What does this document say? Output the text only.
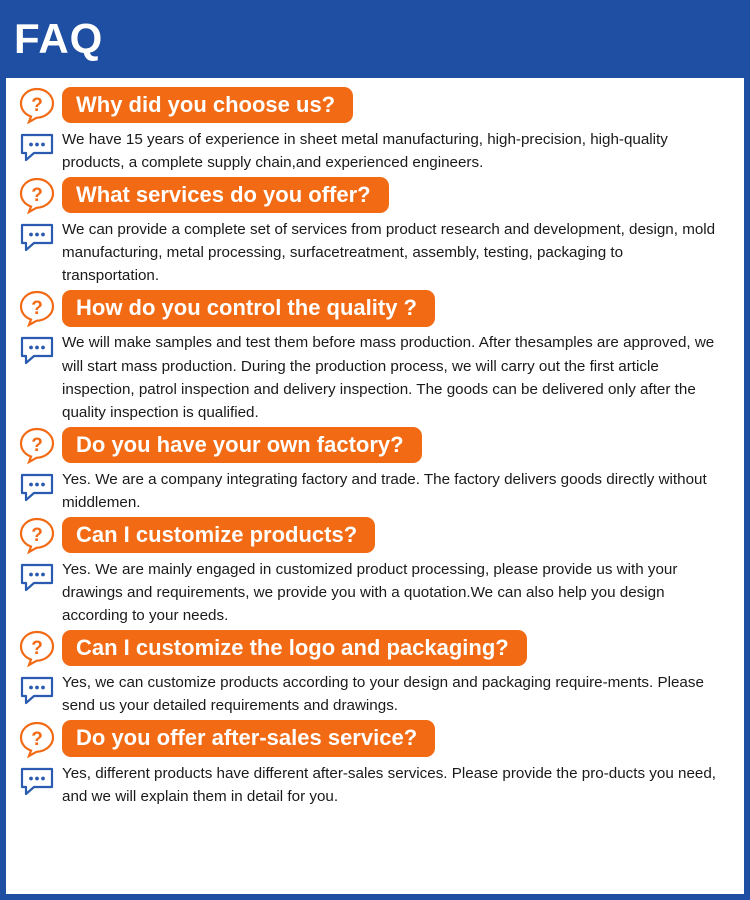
FAQ
?	Why did you choose us?
We have 15 years of experience in sheet metal manufacturing, high-precision, high-quality products, a complete supply chain,and experienced engineers.
?	What services do you offer?
We can provide a complete set of services from product research and development, design, mold manufacturing, metal processing, surfacetreatment, assembly, testing, packaging to transportation.
?	How do you control the quality ?
We will make samples and test them before mass production. After thesamples are approved, we will start mass production. During the production process, we will carry out the first article inspection, patrol inspection and delivery inspection. The goods can be delivered only after the quality inspection is qualified.
?	Do you have your own factory?
Yes. We are a company integrating factory and trade. The factory delivers goods directly without middlemen.
?	Can I customize products?
Yes. We are mainly engaged in customized product processing, please provide us with your drawings and requirements, we provide you with a quotation.We can also help you design according to your needs.
?	Can I customize the logo and packaging?
Yes, we can customize products according to your design and packaging require-ments. Please send us your detailed requirements and drawings.
?	Do you offer after-sales service?
Yes, different products have different after-sales services. Please provide the pro-ducts you need, and we will explain them in detail for you.
